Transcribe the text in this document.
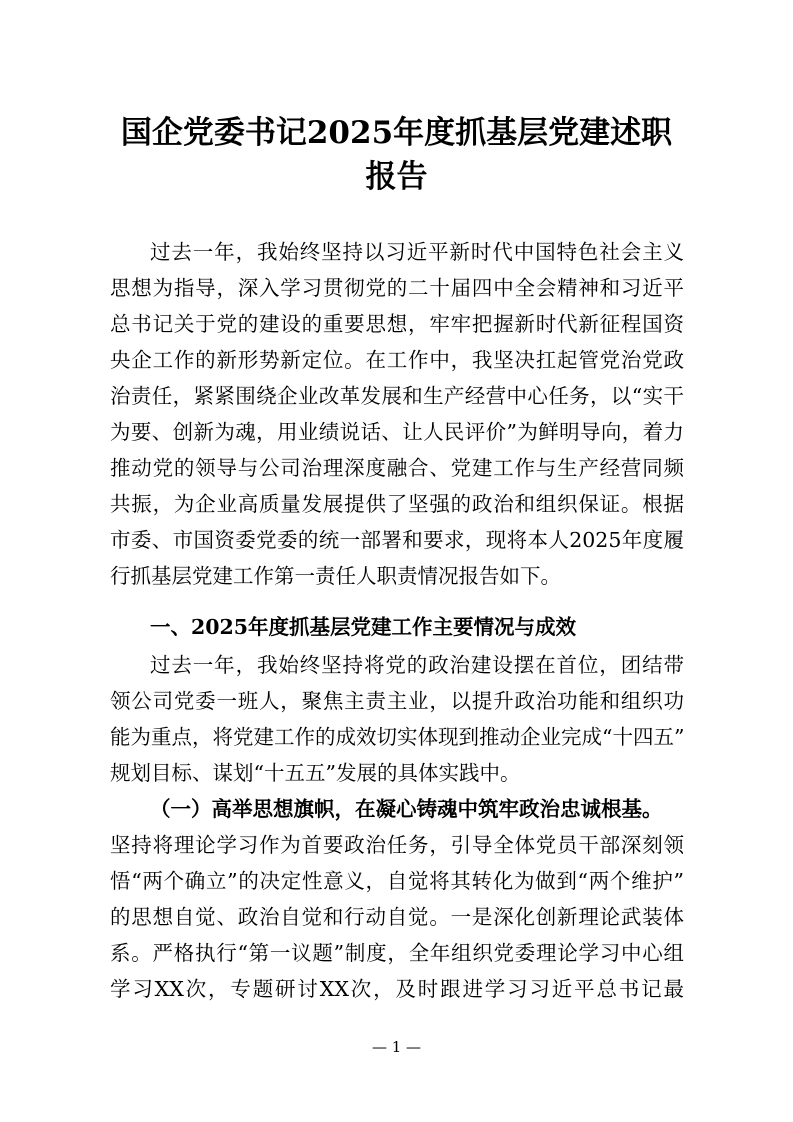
国企党委书记2025年度抓基层党建述职
报告
过去一年，我始终坚持以习近平新时代中国特色社会主义
思想为指导，深入学习贯彻党的二十届四中全会精神和习近平
总书记关于党的建设的重要思想，牢牢把握新时代新征程国资
央企工作的新形势新定位。在工作中，我坚决扛起管党治党政
治责任，紧紧围绕企业改革发展和生产经营中心任务，以“实干
为要、创新为魂，用业绩说话、让人民评价”为鲜明导向，着力
推动党的领导与公司治理深度融合、党建工作与生产经营同频
共振，为企业高质量发展提供了坚强的政治和组织保证。根据
市委、市国资委党委的统一部署和要求，现将本人2025年度履
行抓基层党建工作第一责任人职责情况报告如下。
一、2025年度抓基层党建工作主要情况与成效
过去一年，我始终坚持将党的政治建设摆在首位，团结带
领公司党委一班人，聚焦主责主业，以提升政治功能和组织功
能为重点，将党建工作的成效切实体现到推动企业完成“十四五”
规划目标、谋划“十五五”发展的具体实践中。
（一）高举思想旗帜，在凝心铸魂中筑牢政治忠诚根基。
坚持将理论学习作为首要政治任务，引导全体党员干部深刻领
悟“两个确立”的决定性意义，自觉将其转化为做到“两个维护”
的思想自觉、政治自觉和行动自觉。一是深化创新理论武装体
系。严格执行“第一议题”制度，全年组织党委理论学习中心组
学习XX次，专题研讨XX次，及时跟进学习习近平总书记最
— 1 —
